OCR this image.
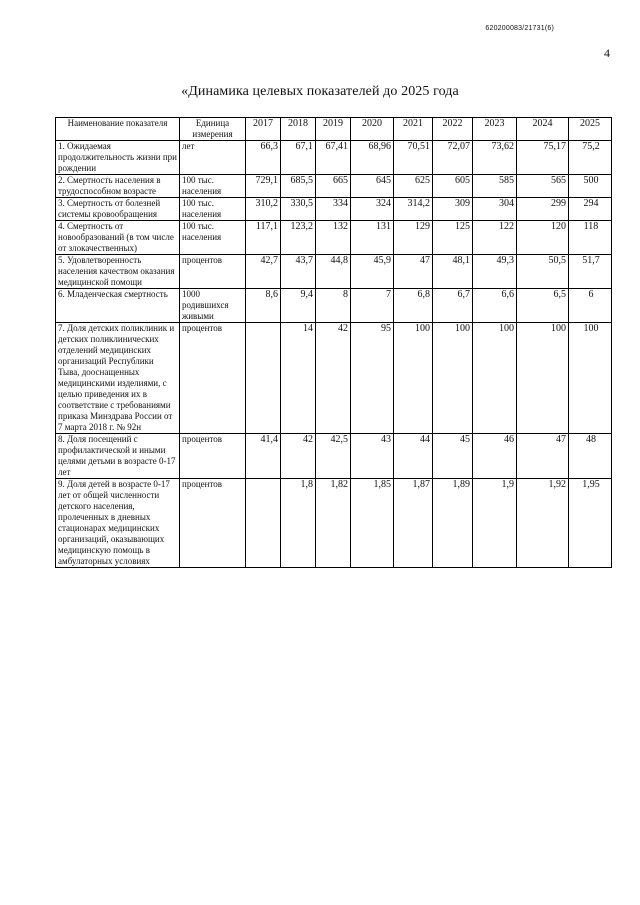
620200083/21731(6)
4
«Динамика целевых показателей до 2025 года
Наименование показателя	Единица измерения	2017	2018	2019	2020	2021	2022	2023	2024	2025
1. Ожидаемая продолжительность жизни при рождении	лет	66,3	67,1	67,41	68,96	70,51	72,07	73,62	75,17	75,2
2. Смертность населения в трудоспособном возрасте	100 тыс. населения	729,1	685,5	665	645	625	605	585	565	500
3. Смертность от болезней системы кровообращения	100 тыс. населения	310,2	330,5	334	324	314,2	309	304	299	294
4. Смертность от новообразований (в том числе от злокачественных)	100 тыс. населения	117,1	123,2	132	131	129	125	122	120	118
5. Удовлетворенность населения качеством оказания медицинской помощи	процентов	42,7	43,7	44,8	45,9	47	48,1	49,3	50,5	51,7
6. Младенческая смертность	1000 родившихся живыми	8,6	9,4	8	7	6,8	6,7	6,6	6,5	6
7. Доля детских поликлиник и детских поликлинических отделений медицинских организаций Республики Тыва, дооснащенных медицинскими изделиями, с целью приведения их в соответствие с требованиями приказа Минздрава России от 7 марта 2018 г. № 92н	процентов		14	42	95	100	100	100	100	100
8. Доля посещений с профилактической и иными целями детьми в возрасте 0-17 лет	процентов	41,4	42	42,5	43	44	45	46	47	48
9. Доля детей в возрасте 0-17 лет от общей численности детского населения, пролеченных в дневных стационарах медицинских организаций, оказывающих медицинскую помощь в амбулаторных условиях	процентов		1,8	1,82	1,85	1,87	1,89	1,9	1,92	1,95
